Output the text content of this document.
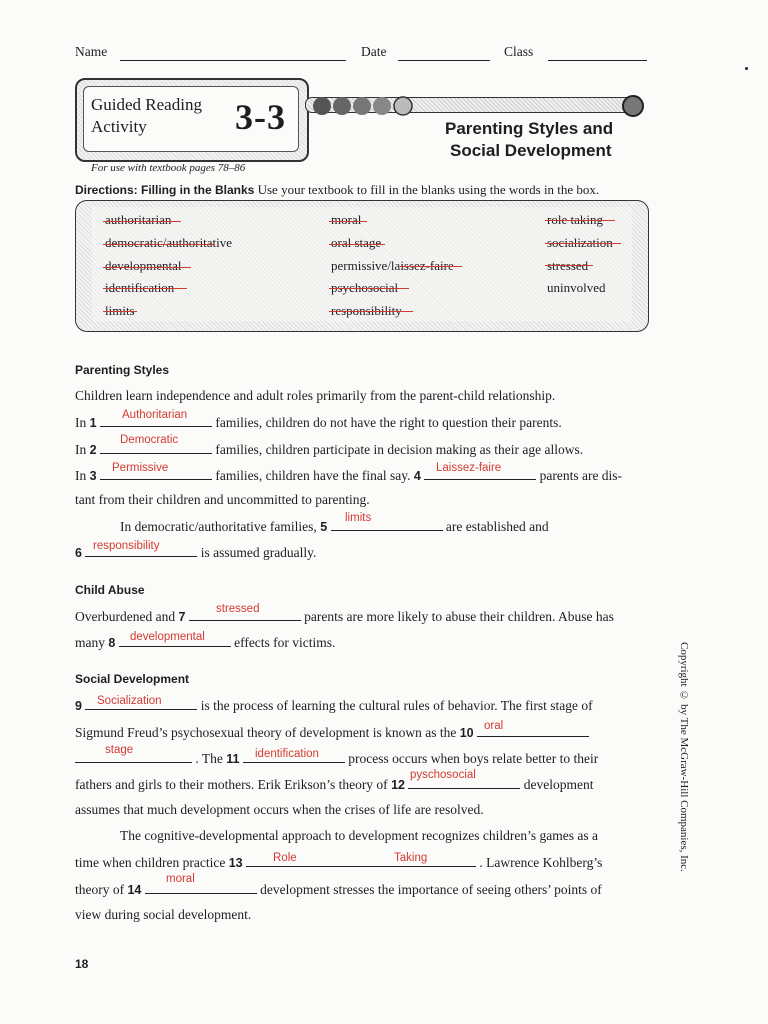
Name	Date	Class
Guided Reading
Activity 3-3	Parenting Styles and
Social Development
For use with textbook pages 78–86
Directions: Filling in the Blanks Use your textbook to fill in the blanks using the words in the box.
authoritarian
democratic/authoritative
developmental
identification
limits
moral
oral stage
permissive/laissez-faire
psychosocial
responsibility
role taking
socialization
stressed
uninvolved
Parenting Styles
Children learn independence and adult roles primarily from the parent-child relationship.
In 1	families, children do not have the right to question their parents.
Authoritarian
In 2	families, children participate in decision making as their age allows.
Democratic
In 3	families, children have the final say. 4	parents are dis-
Permissive	Laissez-faire
tant from their children and uncommitted to parenting.
In democratic/authoritative families, 5	are established and
limits
6	is assumed gradually.
responsibility
Child Abuse
Overburdened and 7	parents are more likely to abuse their children. Abuse has
stressed
many 8	effects for victims.
developmental
Social Development
9	is the process of learning the cultural rules of behavior. The first stage of
Socialization
Sigmund Freud’s psychosexual theory of development is known as the 10 oral
. The 11	process occurs when boys relate better to their
stage	identification
fathers and girls to their mothers. Erik Erikson’s theory of 12	development
pyschosocial
assumes that much development occurs when the crises of life are resolved.
The cognitive-developmental approach to development recognizes children’s games as a
time when children practice 13	. Lawrence Kohlberg’s
Role	Taking
theory of 14	development stresses the importance of seeing others’ points of
moral
view during social development.
Copyright © by The McGraw-Hill Companies, Inc.
18
